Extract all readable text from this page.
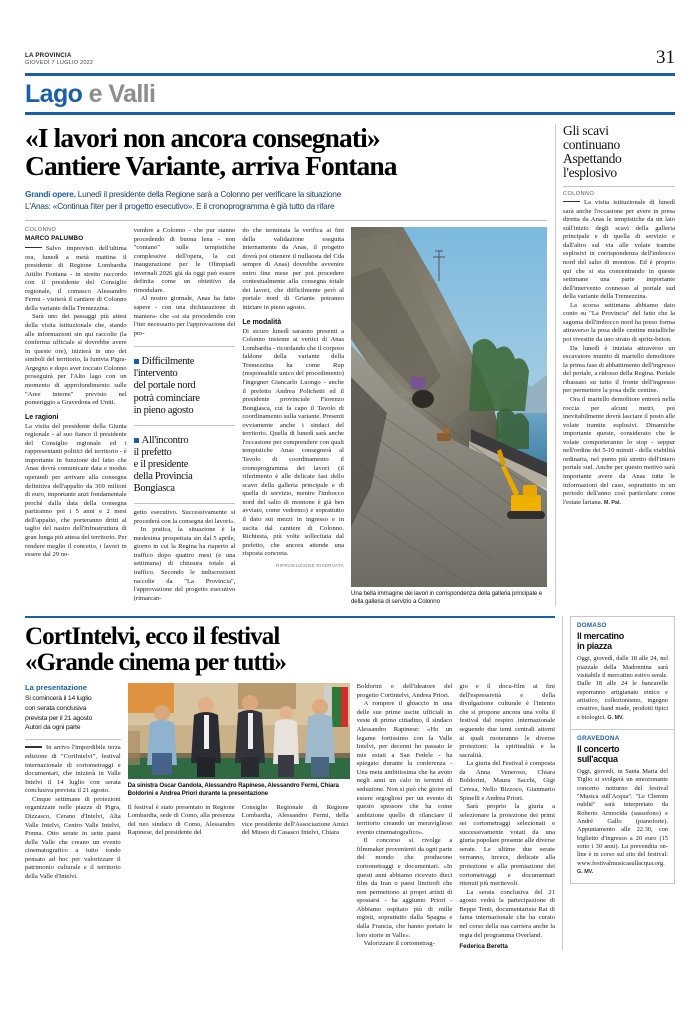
LA PROVINCIA
GIOVEDÌ 7 LUGLIO 2022	31
Lago e Valli
«I lavori non ancora consegnati»
Cantiere Variante, arriva Fontana
Grandi opere. Lunedì il presidente della Regione sarà a Colonno per verificare la situazione
L'Anas: «Continua l'iter per il progetto esecutivo». E il cronoprogramma è già tutto da rifare
COLONNO
MARCO PALUMBO

Salvo imprevisti dell'ultima ora, lunedì a metà mattina il presidente di Regione Lombardia Attilio Fontana - in stretto raccordo con il presidente del Consiglio regionale, il comasco Alessandro Fermi - visiterà il cantiere di Colonno della variante della Tremezzina.

Sarà uno dei passaggi più attesi della visita istituzionale che, stando alle informazioni sin qui raccolte (la conferma ufficiale si dovrebbe avere in queste ore), inizierà in uno dei simboli del territorio, la funivia Pigra-Argegno e dopo aver toccato Colonno proseguirà per l'Alto lago con un momento di approfondimento sulle "Aree interne" previsto nel pomeriggio a Gravedona ed Uniti.

Le ragioni

La visita del presidente della Giunta regionale - al suo fianco il presidente del Consiglio regionale ed i rappresentanti politici del territorio - è importante in funzione del fatto che Anas dovrà comunicare data e modus operandi per arrivare alla consegna definitiva dell'appalto da 369 milioni di euro, importante anzi fondamentale perché dalla data della consegna partiranno poi i 5 anni e 2 mesi dell'appalto, che porteranno dritti al taglio del nastro dell'infrastruttura di gran lunga più attesa del territorio. Per rendere meglio il concetto, i lavori in essere dal 29 no-

vembre a Colonno - che pur stanno procedendo di buona lena - non "contano" sulle tempistiche complessive dell'opera, la cui inaugurazione per le Olimpiadi invernali 2026 già da oggi può essere definita come un obiettivo da rimodulare.

Al nostro giornale, Anas ha fatto sapere - con una dichiarazione di maniera- che «si sta procedendo con l'iter necessario per l'approvazione del pro-

Difficilmente
l'intervento
del portale nord
potrà cominciare
in pieno agosto
All'incontro
il prefetto
e il presidente
della Provincia
Bongiasca

getto esecutivo. Successivamente si procederà con la consegna dei lavori».

In pratica, la situazione è la medesima prospettata sin dal 5 aprile, giorno in cui la Regina ha riaperto al traffico dopo quattro mesi (e una settimana) di chiusura totale al traffico. Secondo le indiscrezioni raccolte da "La Provincia", l'approvazione del progetto esecutivo (rimarcan-

do che terminata la verifica ai fini della validazione eseguita internamente da Anas, il progetto dovrà poi ottenere il nullaosta del Cda sempre di Anas) dovrebbe avvenire entro fine mese per poi procedere contestualmente alla consegna totale dei lavori, che difficilmente però al portale nord di Griante potranno iniziare in pieno agosto.

Le modalità

Di sicuro lunedì saranno presenti a Colonno insieme ai vertici di Anas Lombardia - ricordando che il corposo faldone della variante della Tremezzina ha come Rup (responsabile unico del procedimento) l'ingegner Giancarlo Luongo - anche il prefetto Andrea Polichetti ed il presidente provinciale Fiorenzo Bongiasca, cui fa capo il Tavolo di coordinamento sulla variante. Presenti ovviamente anche i sindaci del territorio. Quella di lunedì sarà anche l'occasione per comprendere con quali tempistiche Anas consegnerà al Tavolo di coordinamento il cronoprogramma dei lavori (il riferimento è alle delicate fasi dello scavo della galleria principale e di quella di servizio, mentre l'imbocco nord del salto di montone è già ben avviato, come vedremo) e soprattutto il dato sui mezzi in ingresso e in uscita dal cantiere di Colonno. Richiesta, più volte sollecitata dal prefetto, che ancora attende una risposta concreta.

RIPRODUZIONE RISERVATA
Una bella immagine dei lavori in corrispondenza della galleria principale e della galleria di servizio a Colonno
Gli scavi
continuano
Aspettando
l'esplosivo
COLONNO

La visita istituzionale di lunedì sarà anche l'occasione per avere in presa diretta da Anas le tempistiche da un lato sull'inizio degli scavi della galleria principale e di quella di servizio e dall'altro sul via alle volate tramite esplosivi in corrispondenza dell'imbocco nord del salto di montose. Ed è proprio qui che si sta concentrando in queste settimane una parte importante dell'intervento connesso al portale sud della variante della Tremezzina.

La scorsa settimana abbiamo dato conto su "La Provincia" del fatto che la sagoma dell'imbocco nord ha preso forma attraverso la posa delle centine metalliche poi rivestite da uno strato di spritz-beton.

Da lunedì è iniziata attraverso un escavatore munito di martello demolitore la prima fase di abbattimento dell'ingresso del portale, a ridosso della Regina. Portale ribassato su tutto il fronte dell'ingresso per permettere la posa delle centine.

Ora il martello demolitore entrerà nella roccia per alcuni metri, poi inevitabilmente dovrà lasciare il posto alle volate tramite esplosivi. Dinamiche importante queste, considerato che le volate comporteranno lo stop - seppur nell'ordine dei 5-10 minuti - della viabilità ordinaria, nel punto più stretto dell'intero portale sud. Anche per questo motivo sarà importante avere da Anas tutte le informazioni del caso, soprattutto in un periodo dell'anno così particolare come l'estate lariana. M. Pal.

CortIntelvi, ecco il festival
«Grande cinema per tutti»
La presentazione
Si comincerà il 14 luglio
con serata conclusiva
prevista per il 21 agosto
Autori da ogni parte

In arrivo l'imperdibile terza edizione di "CortIntelvi", festival internazionale di cortometraggi e documentari, che inizierà in Valle Intelvi il 14 luglio con serata conclusiva prevista il 21 agosto.

Cinque settimane di proiezioni organizzate nelle piazze di Pigra, Dizzasco, Cerano d'Intelvi, Alta Valle Intelvi, Centro Valle Intelvi, Ponna. Otto serate in sette paesi della Valle che creano un evento cinematografico a tutto tondo pensato ad hoc per valorizzare il patrimonio culturale e il territorio della Valle d'Intelvi.

Da sinistra Oscar Gandola, Alessandro Rapinese, Alessandro Fermi, Chiara Boldorini e Andrea Priori durante la presentazione

Il festival è stato presentato in Regione Lombardia, sede di Como, alla presenza del neo sindaco di Como, Alessandro Rapinese, del presidente del

Consiglio Regionale di Regione Lombardia, Alessandro Fermi, della vice presidente dell'Associazione Amici del Museo di Casasco Intelvi, Chiara

Boldorini e dell'ideatore del progetto Cortintelvi, Andrea Priori.

A rompere il ghiaccio in una delle sue prime uscite ufficiali in veste di primo cittadino, il sindaco Alessandro Rapinese: «Ho un legame fortissimo con la Valle Intelvi, per decenni ho passato le mie estati a San Fedele - ha spiegato durante la conferenza - Una meta ambitissima che ha avuto negli anni un calo in termini di seduzione. Non si può che gioire ed essere orgogliosi per un evento di questo spessore che ha come ambizione quello di rilanciare il territorio creando un meraviglioso evento cinematografico».

Il concorso si rivolge a filmmaker provenienti da ogni parte del mondo che producono cortometraggi e documentari. «In questi anni abbiamo ricevuto dieci film da Iran o paesi limitrofi che non permettono ai propri artisti di spostarsi - ha aggiunto Priori - Abbiamo ospitato più di mille registi, soprattutto dalla Spagna e dalla Francia, che hanno portato le loro storie in Valle».

Valorizzare il cortometrag-

gio e il docu-film ai fini dell'espressività e della divulgazione culturale è l'intento che si propone ancora una volta il festival dal respiro internazionale seguendo due temi centrali attorni ai quali ruoteranno le diverse proiezioni: la spiritualità e la sacralità.

La giuria del Festival è composta da Anna Veneroso, Chiara Boldorini, Maura Sacchi, Gigi Ceresa, Nello Bizzoco, Gianmario Spinelli e Andrea Priori.

Sarà proprio la giuria a selezionare la proiezione dei primi sei cortometraggi selezionati e successivamente votati da una giuria popolare presente alle diverse serate. Le ultime due serate verranno, invece, dedicate alla proiezione e alla premiazione dei cortometraggi e documentari ritenuti più meritevoli.

La serata conclusiva del 21 agosto vedrà la partecipazione di Beppe Tenti, documentarista Rai di fama internazionale che ha curato nel corso della sua carriera anche la regia del programma Overland.

Federica Beretta
DOMASO
Il mercatino
in piazza
Oggi, giovedì, dalle 18 alle 24, nel piazzale della Madonnina sarà visitabile il mercatino estivo serale. Dalle 18 alle 24 le bancarelle esporranno artigianato etnico e artistico, collezionismo, ingegno creativo, hand made, prodotti tipici e biologici. G. MV.
GRAVEDONA
Il concerto
sull'acqua
Oggi, giovedì, in Santa Maria del Tiglio si svolgerà un emozionante concerto notturno del festival "Musica sull'Acqua". "Le Chemin oublié" sarà interpretato da Roberto Armocida (sassofono) e André Gallo (pianoforte). Appuntamento alle 22.30, con biglietto d'ingresso a 20 euro (15 sotto i 30 anni). La prevendita on-line è in corso sul sito del festival: www.festivalmusicasullacqua.org. G. MV.
